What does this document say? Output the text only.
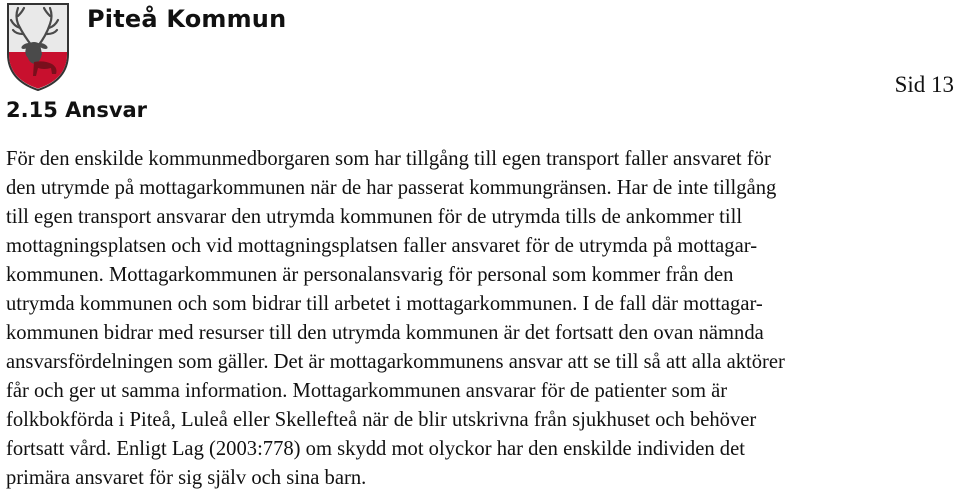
Piteå Kommun
Sid 13
2.15 Ansvar
För den enskilde kommunmedborgaren som har tillgång till egen transport faller ansvaret för
den utrymde på mottagarkommunen när de har passerat kommungränsen. Har de inte tillgång
till egen transport ansvarar den utrymda kommunen för de utrymda tills de ankommer till
mottagningsplatsen och vid mottagningsplatsen faller ansvaret för de utrymda på mottagar-
kommunen. Mottagarkommunen är personalansvarig för personal som kommer från den
utrymda kommunen och som bidrar till arbetet i mottagarkommunen. I de fall där mottagar-
kommunen bidrar med resurser till den utrymda kommunen är det fortsatt den ovan nämnda
ansvarsfördelningen som gäller. Det är mottagarkommunens ansvar att se till så att alla aktörer
får och ger ut samma information. Mottagarkommunen ansvarar för de patienter som är
folkbokförda i Piteå, Luleå eller Skellefteå när de blir utskrivna från sjukhuset och behöver
fortsatt vård. Enligt Lag (2003:778) om skydd mot olyckor har den enskilde individen det
primära ansvaret för sig själv och sina barn.
